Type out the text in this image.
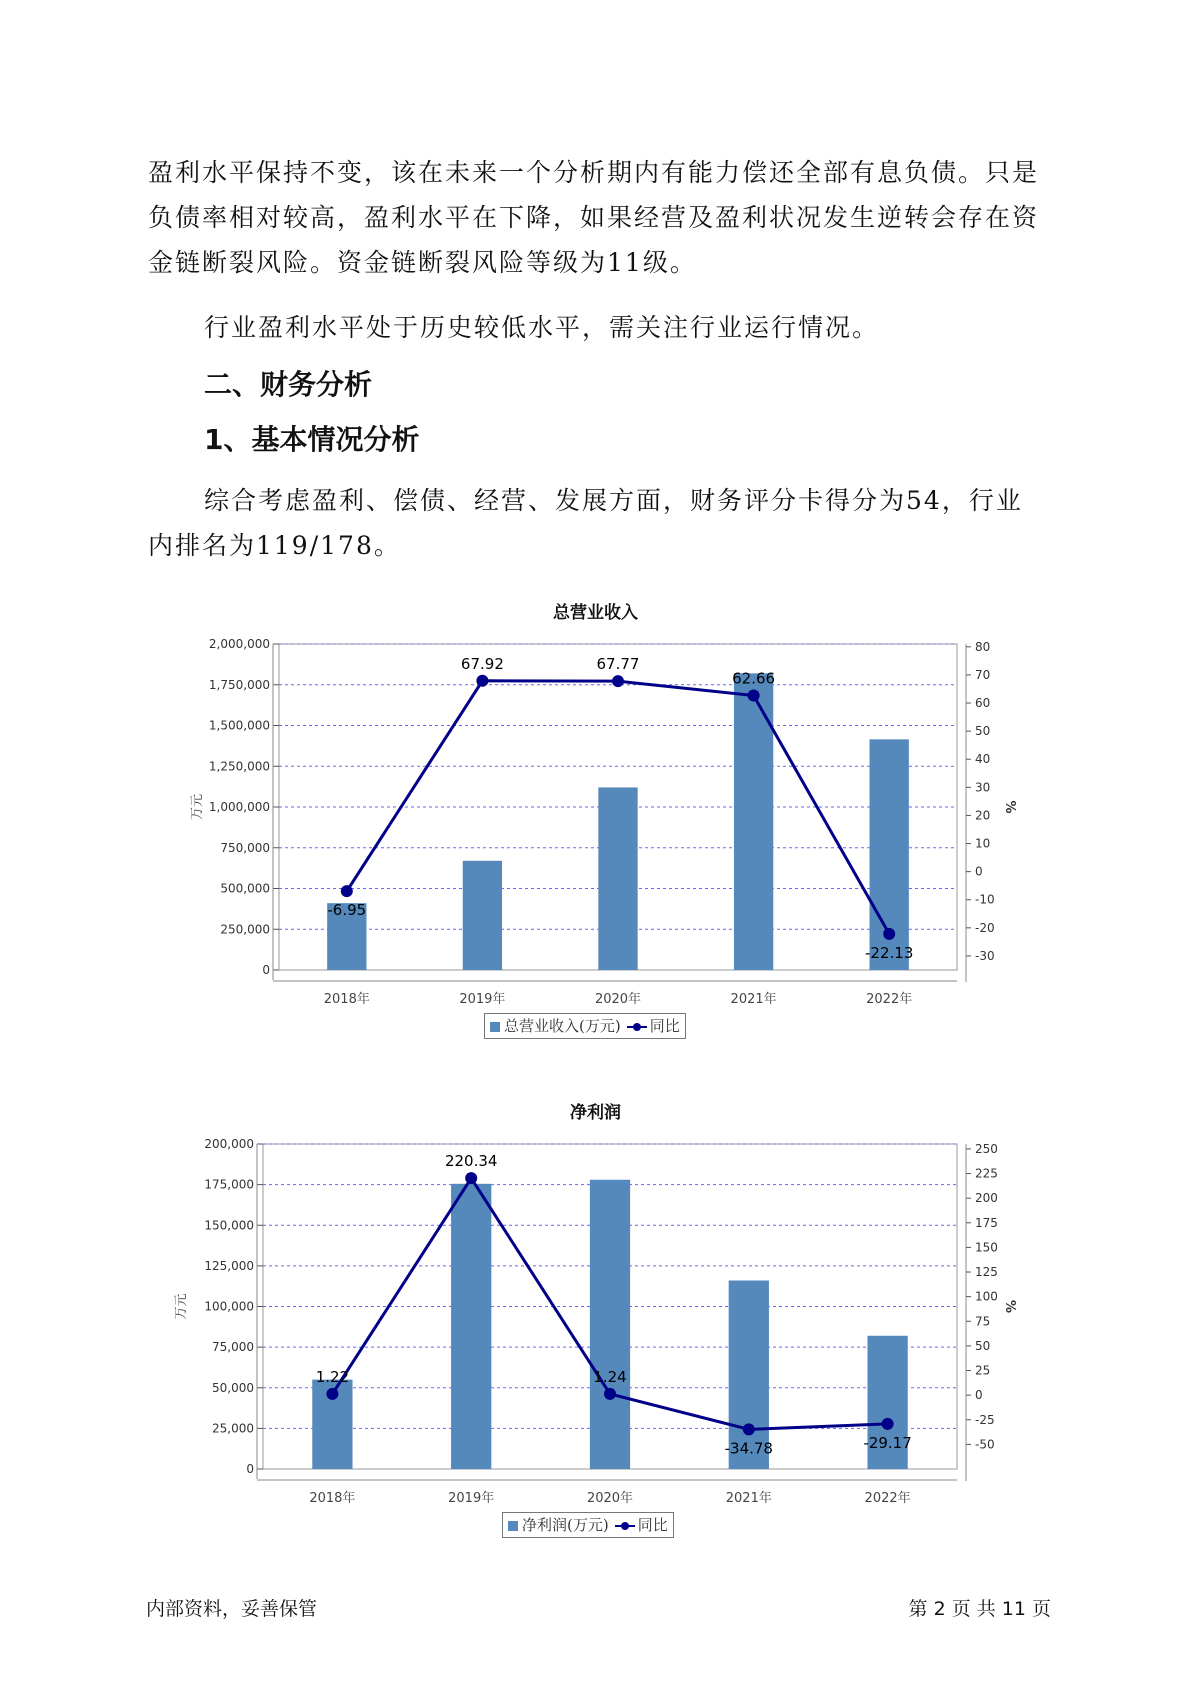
盈利水平保持不变，该在未来一个分析期内有能力偿还全部有息负债。只是负债率相对较高，盈利水平在下降，如果经营及盈利状况发生逆转会存在资金链断裂风险。资金链断裂风险等级为11级。

行业盈利水平处于历史较低水平，需关注行业运行情况。

二、财务分析
1、基本情况分析

综合考虑盈利、偿债、经营、发展方面，财务评分卡得分为54，行业内排名为119/178。

总营业收入
0
250,000
500,000
750,000
1,000,000
1,250,000
1,500,000
1,750,000
2,000,000
-30
-20
-10
0
10
20
30
40
50
60
70
80
2018年	2019年	2020年	2021年	2022年
-6.95
67.92	67.77
62.66
-22.13
万元	%
总营业收入(万元) 同比
净利润
0
25,000
50,000
75,000
100,000
125,000
150,000
175,000
200,000
-50
-25
0
25
50
75
100
125
150
175
200
225
250
2018年	2019年	2020年	2021年	2022年
1.22
220.34
1.24
-34.78	-29.17
万元	%
净利润(万元) 同比
内部资料，妥善保管	第 2 页 共 11 页
